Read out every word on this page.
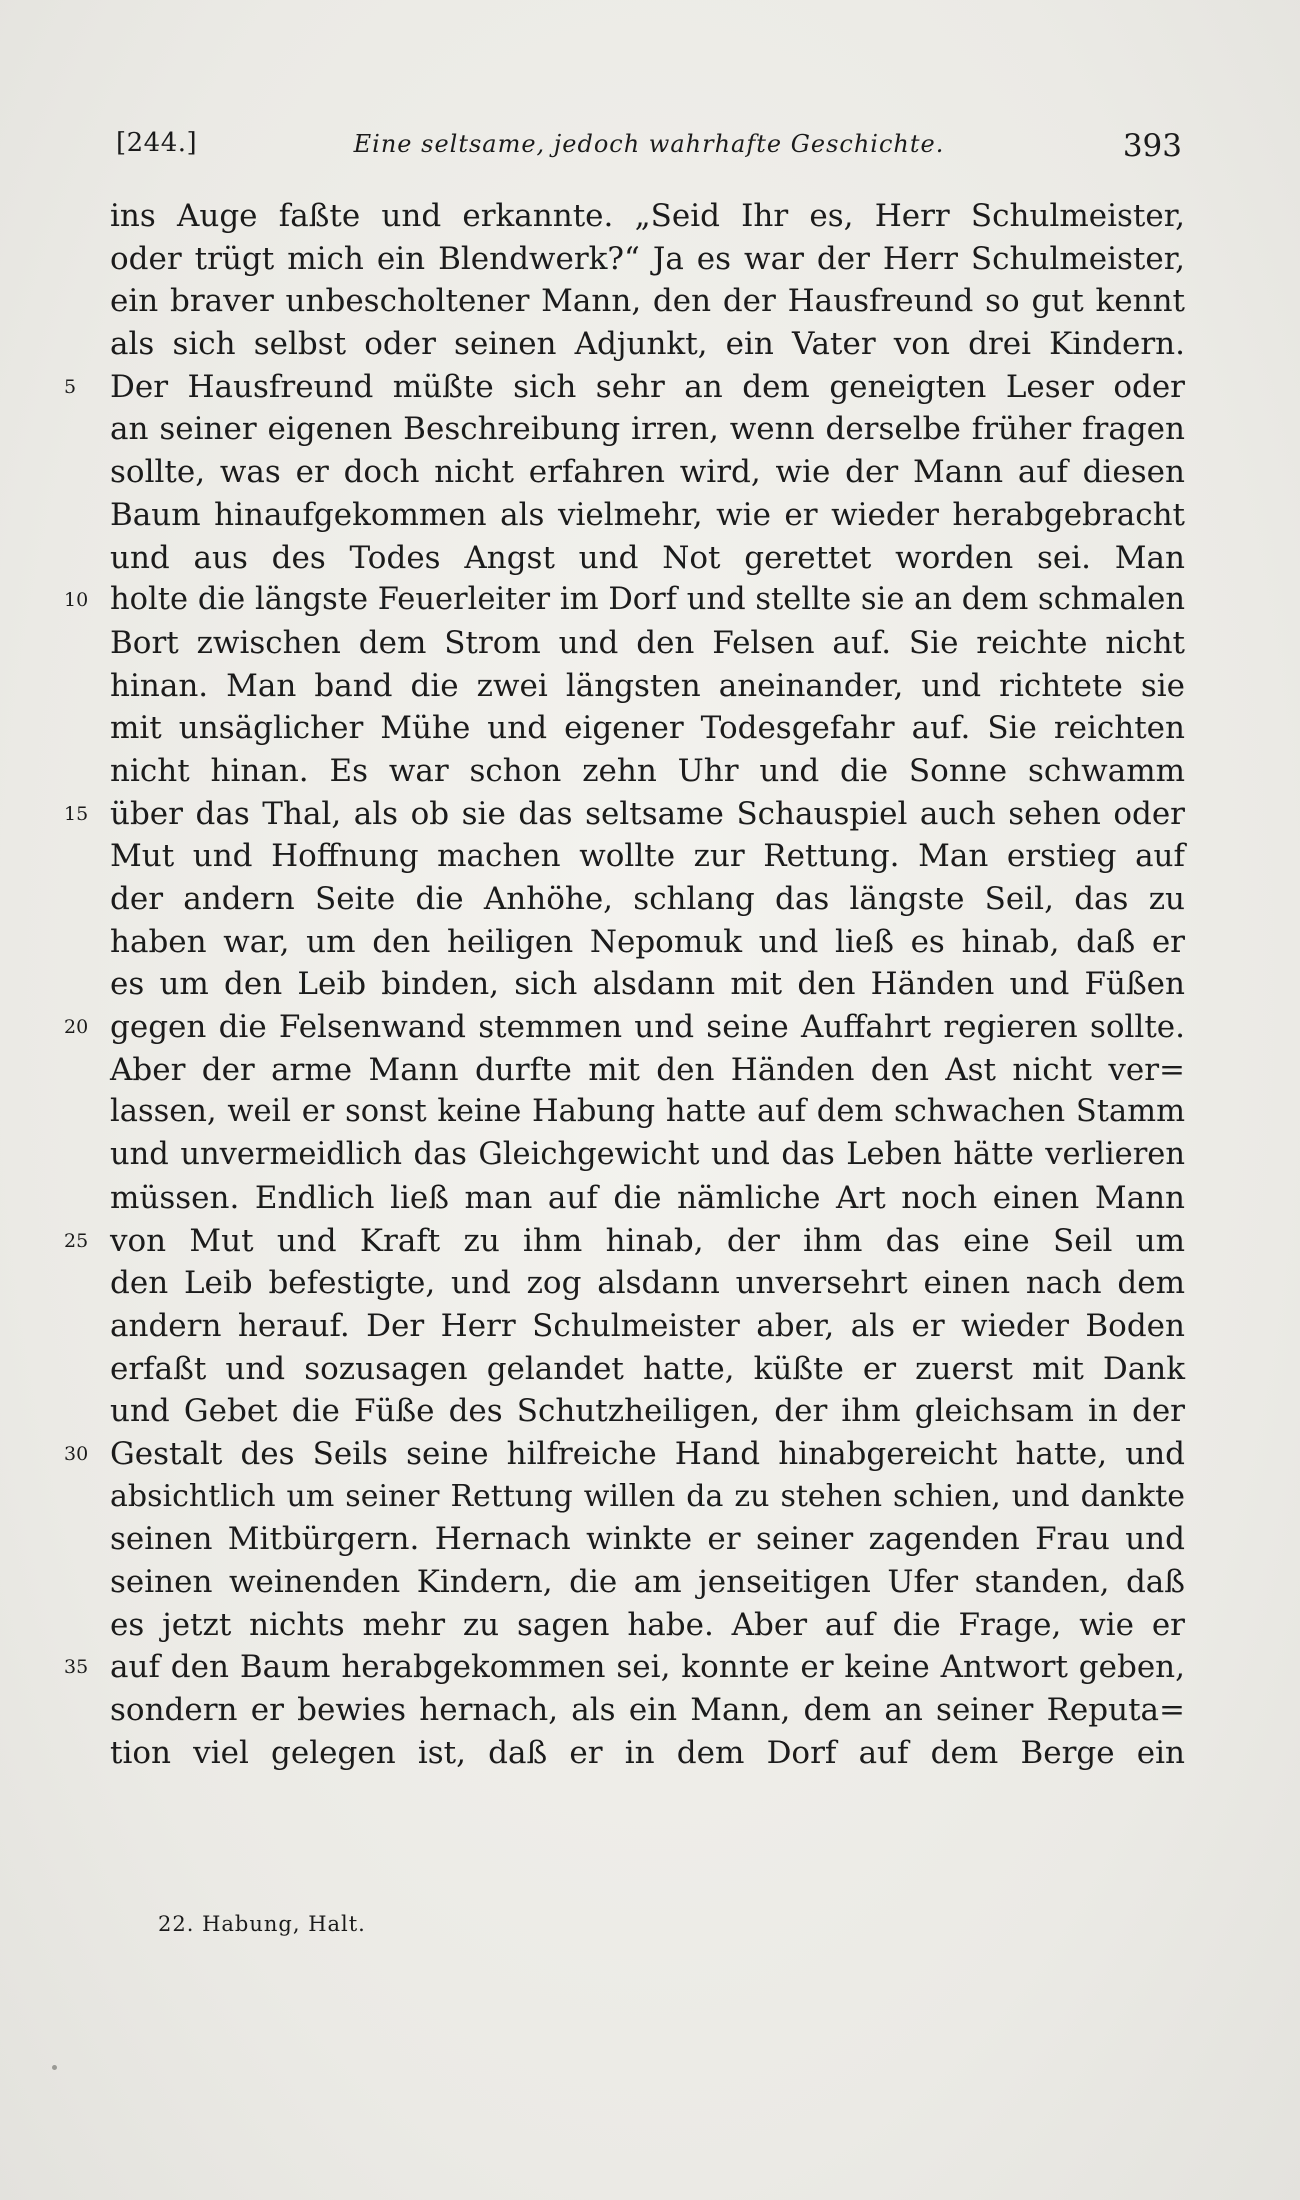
[244.]	Eine seltsame, jedoch wahrhafte Geschichte.	393
ins Auge faßte und erkannte. „Seid Ihr es, Herr Schulmeister,
oder trügt mich ein Blendwerk?“ Ja es war der Herr Schulmeister,
ein braver unbescholtener Mann, den der Hausfreund so gut kennt
als sich selbst oder seinen Adjunkt, ein Vater von drei Kindern.
5	Der Hausfreund müßte sich sehr an dem geneigten Leser oder
an seiner eigenen Beschreibung irren, wenn derselbe früher fragen
sollte, was er doch nicht erfahren wird, wie der Mann auf diesen
Baum hinaufgekommen als vielmehr, wie er wieder herabgebracht
und aus des Todes Angst und Not gerettet worden sei. Man
10 holte die längste Feuerleiter im Dorf und stellte sie an dem schmalen
Bort zwischen dem Strom und den Felsen auf. Sie reichte nicht
hinan. Man band die zwei längsten aneinander, und richtete sie
mit unsäglicher Mühe und eigener Todesgefahr auf. Sie reichten
nicht hinan. Es war schon zehn Uhr und die Sonne schwamm
15 über das Thal, als ob sie das seltsame Schauspiel auch sehen oder
Mut und Hoffnung machen wollte zur Rettung. Man erstieg auf
der andern Seite die Anhöhe, schlang das längste Seil, das zu
haben war, um den heiligen Nepomuk und ließ es hinab, daß er
es um den Leib binden, sich alsdann mit den Händen und Füßen
20 gegen die Felsenwand stemmen und seine Auffahrt regieren sollte.
Aber der arme Mann durfte mit den Händen den Ast nicht ver=
lassen, weil er sonst keine Habung hatte auf dem schwachen Stamm
und unvermeidlich das Gleichgewicht und das Leben hätte verlieren
müssen. Endlich ließ man auf die nämliche Art noch einen Mann
25 von Mut und Kraft zu ihm hinab, der ihm das eine Seil um
den Leib befestigte, und zog alsdann unversehrt einen nach dem
andern herauf. Der Herr Schulmeister aber, als er wieder Boden
erfaßt und sozusagen gelandet hatte, küßte er zuerst mit Dank
und Gebet die Füße des Schutzheiligen, der ihm gleichsam in der
30 Gestalt des Seils seine hilfreiche Hand hinabgereicht hatte, und
absichtlich um seiner Rettung willen da zu stehen schien, und dankte
seinen Mitbürgern. Hernach winkte er seiner zagenden Frau und
seinen weinenden Kindern, die am jenseitigen Ufer standen, daß
es jetzt nichts mehr zu sagen habe. Aber auf die Frage, wie er
35 auf den Baum herabgekommen sei, konnte er keine Antwort geben,
sondern er bewies hernach, als ein Mann, dem an seiner Reputa=
tion viel gelegen ist, daß er in dem Dorf auf dem Berge ein
22. Habung, Halt.
